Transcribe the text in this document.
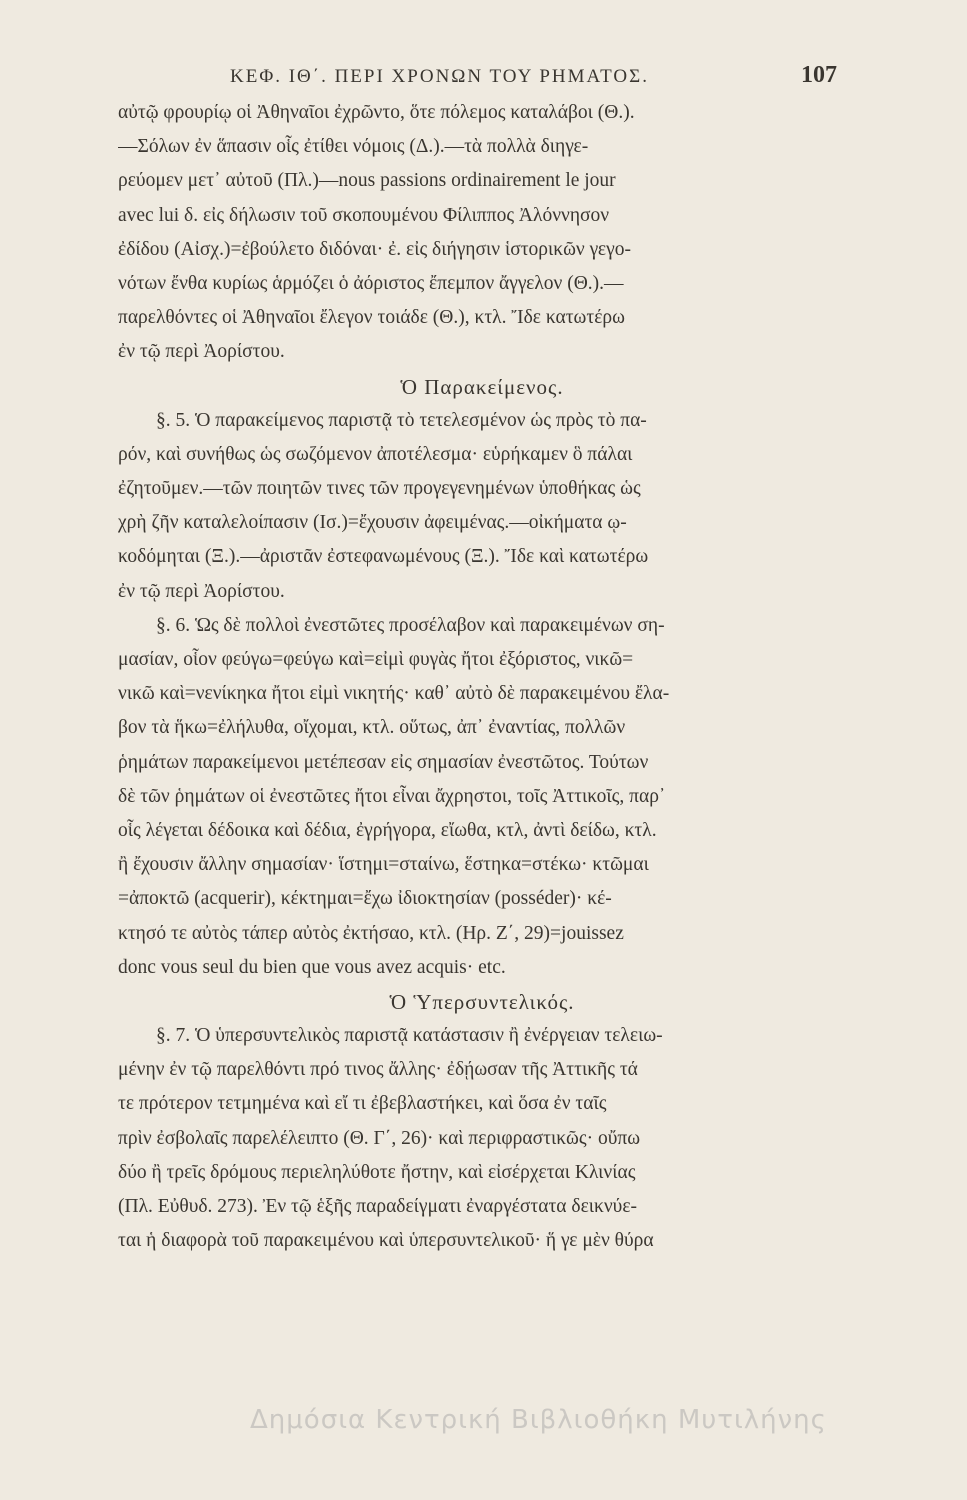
ΚΕΦ. ΙΘ΄. ΠΕΡΙ ΧΡΟΝΩΝ ΤΟΥ ΡΗΜΑΤΟΣ.	107
αὐτῷ φρουρίῳ οἱ Ἀθηναῖοι ἐχρῶντο, ὅτε πόλεμος καταλάβοι (Θ.).
—Σόλων ἐν ἅπασιν οἷς ἐτίθει νόμοις (Δ.).—τὰ πολλὰ διηγε-
ρεύομεν μετ᾿ αὐτοῦ (Πλ.)—nous passions ordinairement le jour
avec lui δ. εἰς δήλωσιν τοῦ σκοπουμένου Φίλιππος Ἀλόννησον
ἐδίδου (Αἰσχ.)=ἐβούλετο διδόναι· ἐ. εἰς διήγησιν ἱστορικῶν γεγο-
νότων ἔνθα κυρίως ἁρμόζει ὁ ἀόριστος ἔπεμπον ἄγγελον (Θ.).—
παρελθόντες οἱ Ἀθηναῖοι ἔλεγον τοιάδε (Θ.), κτλ. Ἴδε κατωτέρω
ἐν τῷ περὶ Ἀορίστου.
Ὁ Παρακείμενος.
§. 5. Ὁ παρακείμενος παριστᾷ τὸ τετελεσμένον ὡς πρὸς τὸ πα-
ρόν, καὶ συνήθως ὡς σωζόμενον ἀποτέλεσμα· εὑρήκαμεν ὃ πάλαι
ἐζητοῦμεν.—τῶν ποιητῶν τινες τῶν προγεγενημένων ὑποθήκας ὡς
χρὴ ζῆν καταλελοίπασιν (Ισ.)=ἔχουσιν ἀφειμένας.—οἰκήματα ῳ-
κοδόμηται (Ξ.).—ἀριστᾶν ἐστεφανωμένους (Ξ.). Ἴδε καὶ κατωτέρω
ἐν τῷ περὶ Ἀορίστου.
§. 6. Ὡς δὲ πολλοὶ ἐνεστῶτες προσέλαβον καὶ παρακειμένων ση-
μασίαν, οἷον φεύγω=φεύγω καὶ=εἰμὶ φυγὰς ἤτοι ἐξόριστος, νικῶ=
νικῶ καὶ=νενίκηκα ἤτοι εἰμὶ νικητής· καθ᾿ αὐτὸ δὲ παρακειμένου ἔλα-
βον τὰ ἥκω=ἐλήλυθα, οἴχομαι, κτλ. οὕτως, ἀπ᾿ ἐναντίας, πολλῶν
ῥημάτων παρακείμενοι μετέπεσαν εἰς σημασίαν ἐνεστῶτος. Τούτων
δὲ τῶν ῥημάτων οἱ ἐνεστῶτες ἤτοι εἶναι ἄχρηστοι, τοῖς Ἀττικοῖς, παρ᾿
οἷς λέγεται δέδοικα καὶ δέδια, ἐγρήγορα, εἴωθα, κτλ, ἀντὶ δείδω, κτλ.
ἢ ἔχουσιν ἄλλην σημασίαν· ἵστημι=σταίνω, ἕστηκα=στέκω· κτῶμαι
=ἀποκτῶ (acquerir), κέκτημαι=ἔχω ἰδιοκτησίαν (posséder)· κέ-
κτησό τε αὐτὸς τάπερ αὐτὸς ἐκτήσαο, κτλ. (Ηρ. Ζ΄, 29)=jouissez
donc vous seul du bien que vous avez acquis· etc.
Ὁ Ὑπερσυντελικός.
§. 7. Ὁ ὑπερσυντελικὸς παριστᾷ κατάστασιν ἢ ἐνέργειαν τελειω-
μένην ἐν τῷ παρελθόντι πρό τινος ἄλλης· ἐδῄωσαν τῆς Ἀττικῆς τά
τε πρότερον τετμημένα καὶ εἴ τι ἐβεβλαστήκει, καὶ ὅσα ἐν ταῖς
πρὶν ἐσβολαῖς παρελέλειπτο (Θ. Γ΄, 26)· καὶ περιφραστικῶς· οὔπω
δύο ἢ τρεῖς δρόμους περιεληλύθοτε ἤστην, καὶ εἰσέρχεται Κλινίας
(Πλ. Εὐθυδ. 273). Ἐν τῷ ἑξῆς παραδείγματι ἐναργέστατα δεικνύε-
ται ἡ διαφορὰ τοῦ παρακειμένου καὶ ὑπερσυντελικοῦ· ἥ γε μὲν θύρα
Δημόσια Κεντρική Βιβλιοθήκη Μυτιλήνης
